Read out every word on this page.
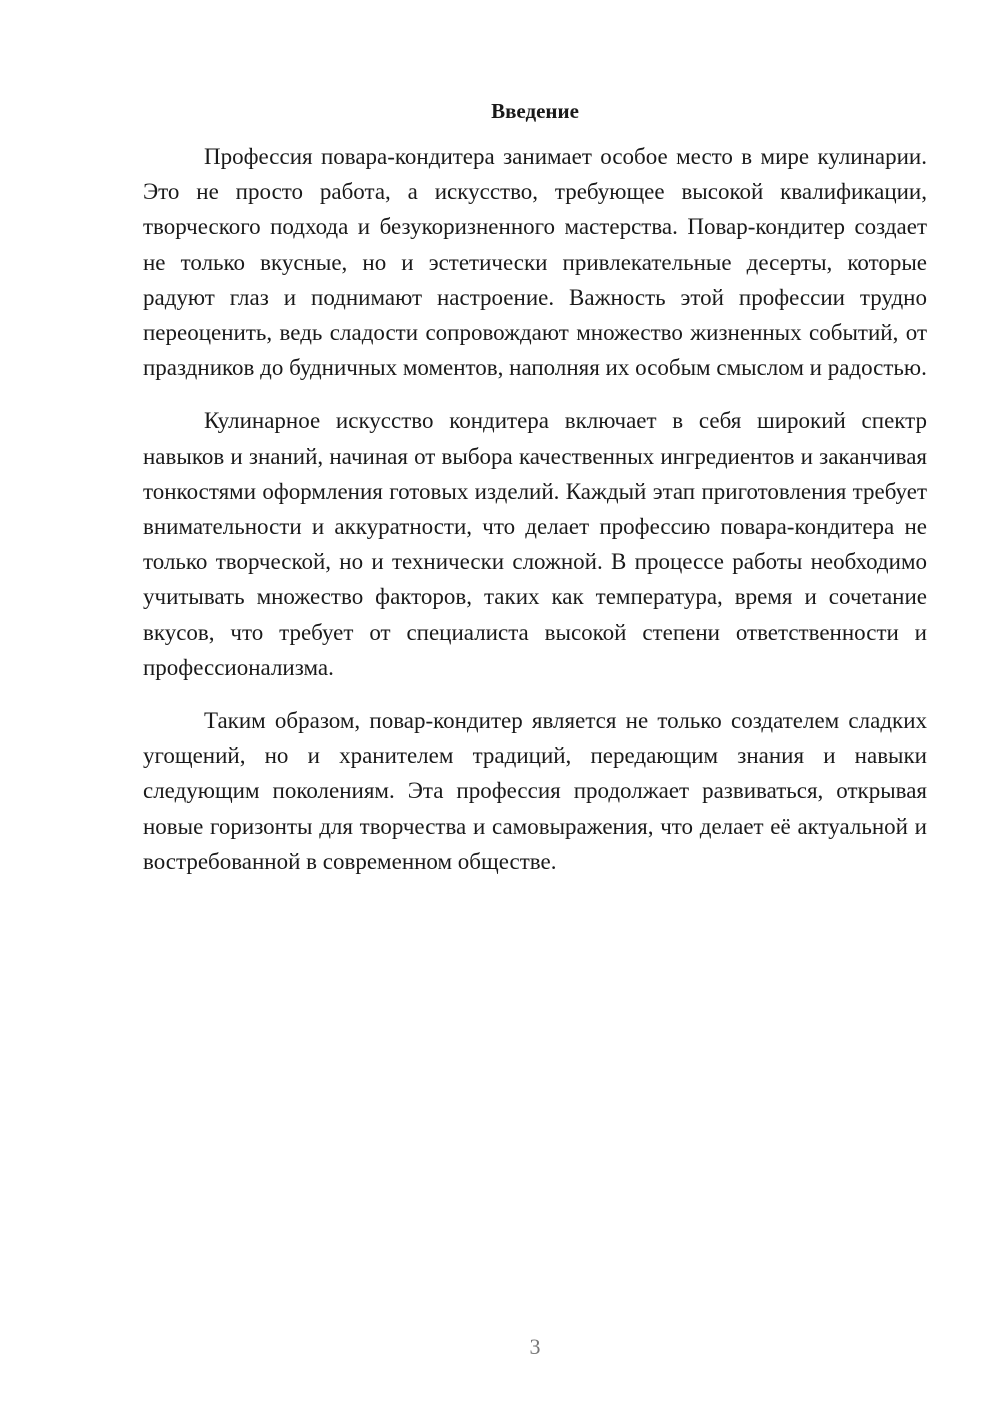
Введение

Профессия повара-кондитера занимает особое место в мире кулинарии. Это не просто работа, а искусство, требующее высокой квалификации, творческого подхода и безукоризненного мастерства. Повар-кондитер создает не только вкусные, но и эстетически привлекательные десерты, которые радуют глаз и поднимают настроение. Важность этой профессии трудно переоценить, ведь сладости сопровождают множество жизненных событий, от праздников до будничных моментов, наполняя их особым смыслом и радостью.

Кулинарное искусство кондитера включает в себя широкий спектр навыков и знаний, начиная от выбора качественных ингредиентов и заканчивая тонкостями оформления готовых изделий. Каждый этап приготовления требует внимательности и аккуратности, что делает профессию повара-кондитера не только творческой, но и технически сложной. В процессе работы необходимо учитывать множество факторов, таких как температура, время и сочетание вкусов, что требует от специалиста высокой степени ответственности и профессионализма.

Таким образом, повар-кондитер является не только создателем сладких угощений, но и хранителем традиций, передающим знания и навыки следующим поколениям. Эта профессия продолжает развиваться, открывая новые горизонты для творчества и самовыражения, что делает её актуальной и востребованной в современном обществе.

3
